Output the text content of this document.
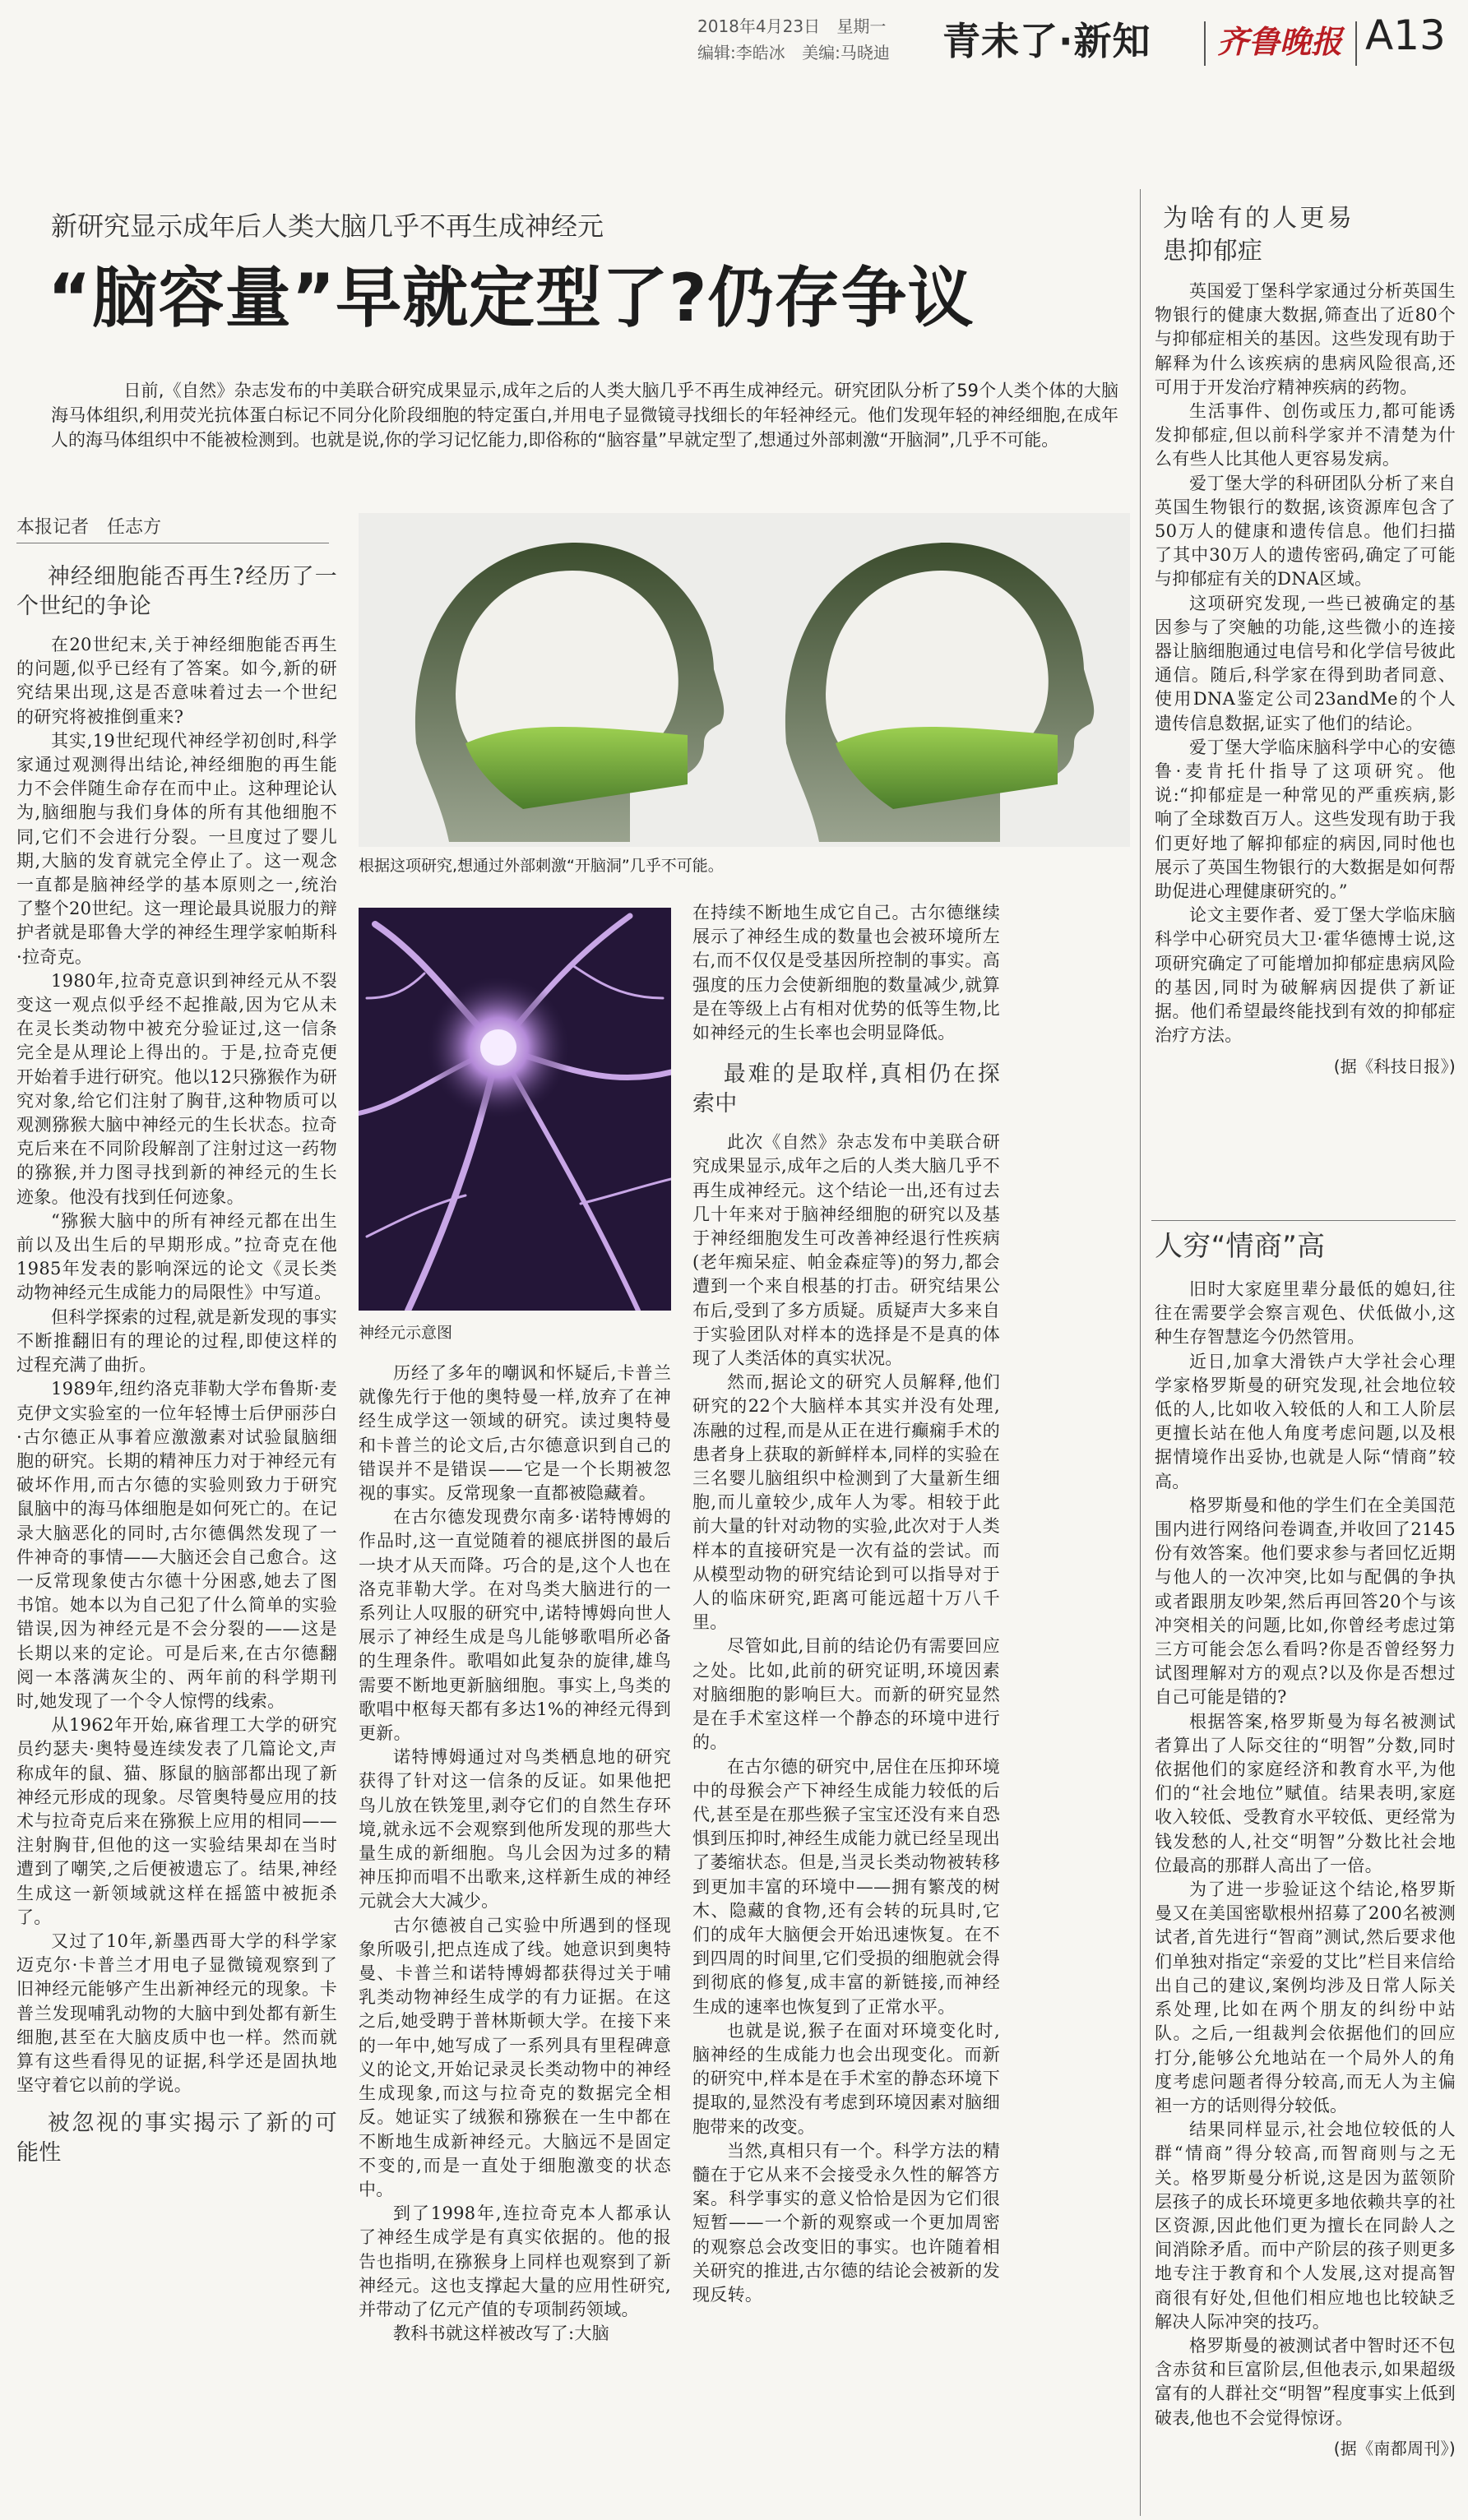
2018年4月23日 星期一
编辑:李皓冰 美编:马晓迪 青未了·新知 齐鲁晚报 A13
新研究显示成年后人类大脑几乎不再生成神经元
“脑容量”早就定型了?仍存争议
日前,《自然》杂志发布的中美联合研究成果显示,成年之后的人类大脑几乎不再生成神经元。研究团队分析了59个人类个体的大脑海马体组织,利用荧光抗体蛋白标记不同分化阶段细胞的特定蛋白,并用电子显微镜寻找细长的年轻神经元。他们发现年轻的神经细胞,在成年人的海马体组织中不能被检测到。也就是说,你的学习记忆能力,即俗称的“脑容量”早就定型了,想通过外部刺激“开脑洞”,几乎不可能。
本报记者　任志方
根据这项研究,想通过外部刺激“开脑洞”几乎不可能。
神经元示意图
神经细胞能否再生?经历了一个世纪的争论

在20世纪末,关于神经细胞能否再生的问题,似乎已经有了答案。如今,新的研究结果出现,这是否意味着过去一个世纪的研究将被推倒重来?

其实,19世纪现代神经学初创时,科学家通过观测得出结论,神经细胞的再生能力不会伴随生命存在而中止。这种理论认为,脑细胞与我们身体的所有其他细胞不同,它们不会进行分裂。一旦度过了婴儿期,大脑的发育就完全停止了。这一观念一直都是脑神经学的基本原则之一,统治了整个20世纪。这一理论最具说服力的辩护者就是耶鲁大学的神经生理学家帕斯科·拉奇克。

1980年,拉奇克意识到神经元从不裂变这一观点似乎经不起推敲,因为它从未在灵长类动物中被充分验证过,这一信条完全是从理论上得出的。于是,拉奇克便开始着手进行研究。他以12只猕猴作为研究对象,给它们注射了胸苷,这种物质可以观测猕猴大脑中神经元的生长状态。拉奇克后来在不同阶段解剖了注射过这一药物的猕猴,并力图寻找到新的神经元的生长迹象。他没有找到任何迹象。

“猕猴大脑中的所有神经元都在出生前以及出生后的早期形成。”拉奇克在他1985年发表的影响深远的论文《灵长类动物神经元生成能力的局限性》中写道。

但科学探索的过程,就是新发现的事实不断推翻旧有的理论的过程,即使这样的过程充满了曲折。

1989年,纽约洛克菲勒大学布鲁斯·麦克伊文实验室的一位年轻博士后伊丽莎白·古尔德正从事着应激激素对试验鼠脑细胞的研究。长期的精神压力对于神经元有破坏作用,而古尔德的实验则致力于研究鼠脑中的海马体细胞是如何死亡的。在记录大脑恶化的同时,古尔德偶然发现了一件神奇的事情——大脑还会自己愈合。这一反常现象使古尔德十分困惑,她去了图书馆。她本以为自己犯了什么简单的实验错误,因为神经元是不会分裂的——这是长期以来的定论。可是后来,在古尔德翻阅一本落满灰尘的、两年前的科学期刊时,她发现了一个令人惊愕的线索。

从1962年开始,麻省理工大学的研究员约瑟夫·奥特曼连续发表了几篇论文,声称成年的鼠、猫、豚鼠的脑部都出现了新神经元形成的现象。尽管奥特曼应用的技术与拉奇克后来在猕猴上应用的相同——注射胸苷,但他的这一实验结果却在当时遭到了嘲笑,之后便被遗忘了。结果,神经生成这一新领域就这样在摇篮中被扼杀了。

又过了10年,新墨西哥大学的科学家迈克尔·卡普兰才用电子显微镜观察到了旧神经元能够产生出新神经元的现象。卡普兰发现哺乳动物的大脑中到处都有新生细胞,甚至在大脑皮质中也一样。然而就算有这些看得见的证据,科学还是固执地坚守着它以前的学说。

被忽视的事实揭示了新的可能性

历经了多年的嘲讽和怀疑后,卡普兰就像先行于他的奥特曼一样,放弃了在神经生成学这一领域的研究。读过奥特曼和卡普兰的论文后,古尔德意识到自己的错误并不是错误——它是一个长期被忽视的事实。反常现象一直都被隐藏着。

在古尔德发现费尔南多·诺特博姆的作品时,这一直觉随着的褪底拼图的最后一块才从天而降。巧合的是,这个人也在洛克菲勒大学。在对鸟类大脑进行的一系列让人叹服的研究中,诺特博姆向世人展示了神经生成是鸟儿能够歌唱所必备的生理条件。歌唱如此复杂的旋律,雄鸟需要不断地更新脑细胞。事实上,鸟类的歌唱中枢每天都有多达1%的神经元得到更新。

诺特博姆通过对鸟类栖息地的研究获得了针对这一信条的反证。如果他把鸟儿放在铁笼里,剥夺它们的自然生存环境,就永远不会观察到他所发现的那些大量生成的新细胞。鸟儿会因为过多的精神压抑而唱不出歌来,这样新生成的神经元就会大大减少。

古尔德被自己实验中所遇到的怪现象所吸引,把点连成了线。她意识到奥特曼、卡普兰和诺特博姆都获得过关于哺乳类动物神经生成学的有力证据。在这之后,她受聘于普林斯顿大学。在接下来的一年中,她写成了一系列具有里程碑意义的论文,开始记录灵长类动物中的神经生成现象,而这与拉奇克的数据完全相反。她证实了绒猴和猕猴在一生中都在不断地生成新神经元。大脑远不是固定不变的,而是一直处于细胞激变的状态中。

到了1998年,连拉奇克本人都承认了神经生成学是有真实依据的。他的报告也指明,在猕猴身上同样也观察到了新神经元。这也支撑起大量的应用性研究,并带动了亿元产值的专项制药领域。

教科书就这样被改写了:大脑

在持续不断地生成它自己。古尔德继续展示了神经生成的数量也会被环境所左右,而不仅仅是受基因所控制的事实。高强度的压力会使新细胞的数量减少,就算是在等级上占有相对优势的低等生物,比如神经元的生长率也会明显降低。

最难的是取样,真相仍在探索中

此次《自然》杂志发布中美联合研究成果显示,成年之后的人类大脑几乎不再生成神经元。这个结论一出,还有过去几十年来对于脑神经细胞的研究以及基于神经细胞发生可改善神经退行性疾病(老年痴呆症、帕金森症等)的努力,都会遭到一个来自根基的打击。研究结果公布后,受到了多方质疑。质疑声大多来自于实验团队对样本的选择是不是真的体现了人类活体的真实状况。

然而,据论文的研究人员解释,他们研究的22个大脑样本其实并没有处理,冻融的过程,而是从正在进行癫痫手术的患者身上获取的新鲜样本,同样的实验在三名婴儿脑组织中检测到了大量新生细胞,而儿童较少,成年人为零。相较于此前大量的针对动物的实验,此次对于人类样本的直接研究是一次有益的尝试。而从模型动物的研究结论到可以指导对于人的临床研究,距离可能远超十万八千里。

尽管如此,目前的结论仍有需要回应之处。比如,此前的研究证明,环境因素对脑细胞的影响巨大。而新的研究显然是在手术室这样一个静态的环境中进行的。

在古尔德的研究中,居住在压抑环境中的母猴会产下神经生成能力较低的后代,甚至是在那些猴子宝宝还没有来自恐惧到压抑时,神经生成能力就已经呈现出了萎缩状态。但是,当灵长类动物被转移到更加丰富的环境中——拥有繁茂的树木、隐藏的食物,还有会转的玩具时,它们的成年大脑便会开始迅速恢复。在不到四周的时间里,它们受损的细胞就会得到彻底的修复,成丰富的新链接,而神经生成的速率也恢复到了正常水平。

也就是说,猴子在面对环境变化时,脑神经的生成能力也会出现变化。而新的研究中,样本是在手术室的静态环境下提取的,显然没有考虑到环境因素对脑细胞带来的改变。

当然,真相只有一个。科学方法的精髓在于它从来不会接受永久性的解答方案。科学事实的意义恰恰是因为它们很短暂——一个新的观察或一个更加周密的观察总会改变旧的事实。也许随着相关研究的推进,古尔德的结论会被新的发现反转。

为啥有的人更易患抑郁症

英国爱丁堡科学家通过分析英国生物银行的健康大数据,筛查出了近80个与抑郁症相关的基因。这些发现有助于解释为什么该疾病的患病风险很高,还可用于开发治疗精神疾病的药物。

生活事件、创伤或压力,都可能诱发抑郁症,但以前科学家并不清楚为什么有些人比其他人更容易发病。

爱丁堡大学的科研团队分析了来自英国生物银行的数据,该资源库包含了50万人的健康和遗传信息。他们扫描了其中30万人的遗传密码,确定了可能与抑郁症有关的DNA区域。

这项研究发现,一些已被确定的基因参与了突触的功能,这些微小的连接器让脑细胞通过电信号和化学信号彼此通信。随后,科学家在得到助者同意、使用DNA鉴定公司23andMe的个人遗传信息数据,证实了他们的结论。

爱丁堡大学临床脑科学中心的安德鲁·麦肯托什指导了这项研究。他说:“抑郁症是一种常见的严重疾病,影响了全球数百万人。这些发现有助于我们更好地了解抑郁症的病因,同时他也展示了英国生物银行的大数据是如何帮助促进心理健康研究的。”

论文主要作者、爱丁堡大学临床脑科学中心研究员大卫·霍华德博士说,这项研究确定了可能增加抑郁症患病风险的基因,同时为破解病因提供了新证据。他们希望最终能找到有效的抑郁症治疗方法。

(据《科技日报》)
人穷“情商”高

旧时大家庭里辈分最低的媳妇,往往在需要学会察言观色、伏低做小,这种生存智慧迄今仍然管用。

近日,加拿大滑铁卢大学社会心理学家格罗斯曼的研究发现,社会地位较低的人,比如收入较低的人和工人阶层更擅长站在他人角度考虑问题,以及根据情境作出妥协,也就是人际“情商”较高。

格罗斯曼和他的学生们在全美国范围内进行网络问卷调查,并收回了2145份有效答案。他们要求参与者回忆近期与他人的一次冲突,比如与配偶的争执或者跟朋友吵架,然后再回答20个与该冲突相关的问题,比如,你曾经考虑过第三方可能会怎么看吗?你是否曾经努力试图理解对方的观点?以及你是否想过自己可能是错的?

根据答案,格罗斯曼为每名被测试者算出了人际交往的“明智”分数,同时依据他们的家庭经济和教育水平,为他们的“社会地位”赋值。结果表明,家庭收入较低、受教育水平较低、更经常为钱发愁的人,社交“明智”分数比社会地位最高的那群人高出了一倍。

为了进一步验证这个结论,格罗斯曼又在美国密歇根州招募了200名被测试者,首先进行“智商”测试,然后要求他们单独对指定“亲爱的艾比”栏目来信给出自己的建议,案例均涉及日常人际关系处理,比如在两个朋友的纠纷中站队。之后,一组裁判会依据他们的回应打分,能够公允地站在一个局外人的角度考虑问题者得分较高,而无人为主偏袒一方的话则得分较低。

结果同样显示,社会地位较低的人群“情商”得分较高,而智商则与之无关。格罗斯曼分析说,这是因为蓝领阶层孩子的成长环境更多地依赖共享的社区资源,因此他们更为擅长在同龄人之间消除矛盾。而中产阶层的孩子则更多地专注于教育和个人发展,这对提高智商很有好处,但他们相应地也比较缺乏解决人际冲突的技巧。

格罗斯曼的被测试者中智时还不包含赤贫和巨富阶层,但他表示,如果超级富有的人群社交“明智”程度事实上低到破表,他也不会觉得惊讶。

(据《南都周刊》)
